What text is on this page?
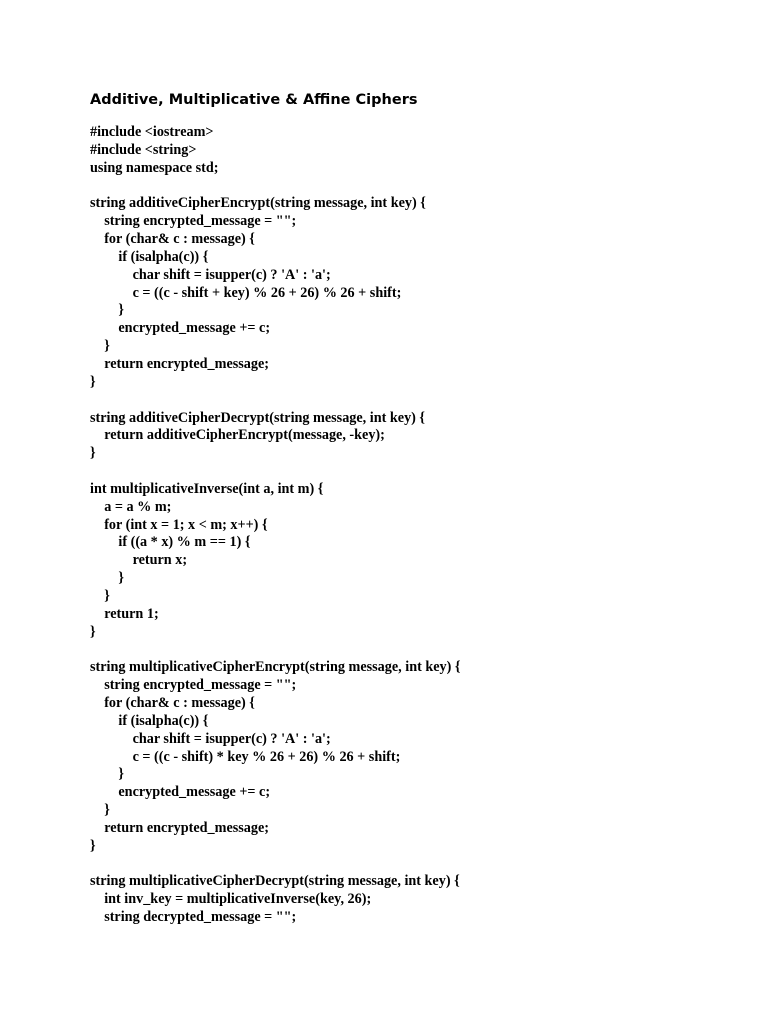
Additive, Multiplicative & Affine Ciphers
#include <iostream>
#include <string>
using namespace std;
string additiveCipherEncrypt(string message, int key) {
string encrypted_message = "";
for (char& c : message) {
if (isalpha(c)) {
char shift = isupper(c) ? 'A' : 'a';
c = ((c - shift + key) % 26 + 26) % 26 + shift;
}
encrypted_message += c;
}
return encrypted_message;
}
string additiveCipherDecrypt(string message, int key) {
return additiveCipherEncrypt(message, -key);
}
int multiplicativeInverse(int a, int m) {
a = a % m;
for (int x = 1; x < m; x++) {
if ((a * x) % m == 1) {
return x;
}
}
return 1;
}
string multiplicativeCipherEncrypt(string message, int key) {
string encrypted_message = "";
for (char& c : message) {
if (isalpha(c)) {
char shift = isupper(c) ? 'A' : 'a';
c = ((c - shift) * key % 26 + 26) % 26 + shift;
}
encrypted_message += c;
}
return encrypted_message;
}
string multiplicativeCipherDecrypt(string message, int key) {
int inv_key = multiplicativeInverse(key, 26);
string decrypted_message = "";
